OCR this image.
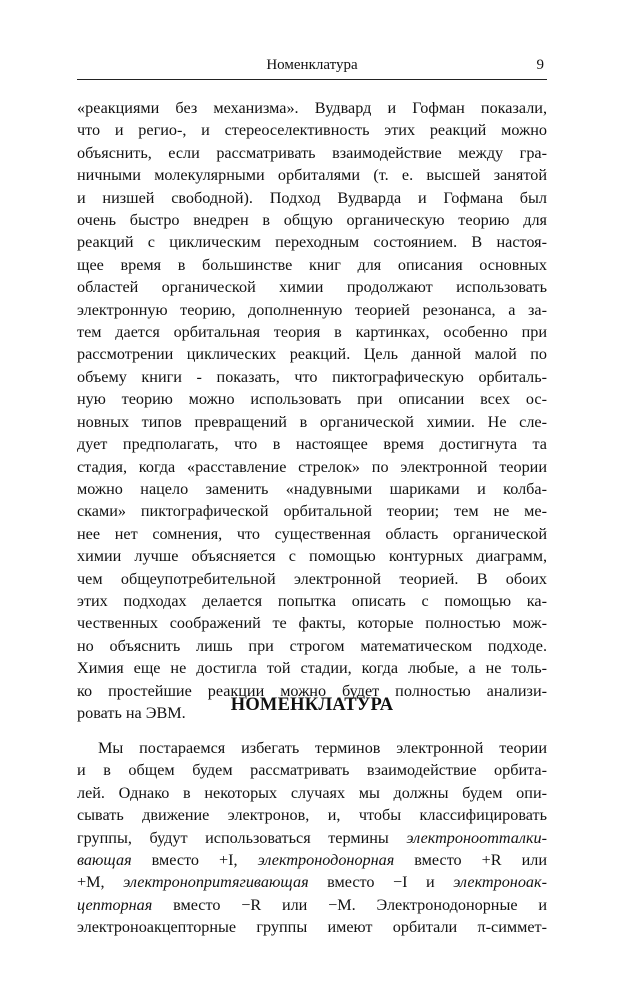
Номенклатура	9
«реакциями без механизма». Вудвард и Гофман показали,
что и регио-, и стереоселективность этих реакций можно
объяснить, если рассматривать взаимодействие между гра-
ничными молекулярными орбиталями (т. е. высшей занятой
и низшей свободной). Подход Вудварда и Гофмана был
очень быстро внедрен в общую органическую теорию для
реакций с циклическим переходным состоянием. В настоя-
щее время в большинстве книг для описания основных
областей органической химии продолжают использовать
электронную теорию, дополненную теорией резонанса, а за-
тем дается орбитальная теория в картинках, особенно при
рассмотрении циклических реакций. Цель данной малой по
объему книги - показать, что пиктографическую орбиталь-
ную теорию можно использовать при описании всех ос-
новных типов превращений в органической химии. Не сле-
дует предполагать, что в настоящее время достигнута та
стадия, когда «расставление стрелок» по электронной теории
можно нацело заменить «надувными шариками и колба-
сками» пиктографической орбитальной теории; тем не ме-
нее нет сомнения, что существенная область органической
химии лучше объясняется с помощью контурных диаграмм,
чем общеупотребительной электронной теорией. В обоих
этих подходах делается попытка описать с помощью ка-
чественных соображений те факты, которые полностью мож-
но объяснить лишь при строгом математическом подходе.
Химия еще не достигла той стадии, когда любые, а не толь-
ко простейшие реакции можно будет полностью анализи-
ровать на ЭВМ.	НОМЕНКЛАТУРА
Мы постараемся избегать терминов электронной теории
и в общем будем рассматривать взаимодействие орбита-
лей. Однако в некоторых случаях мы должны будем опи-
сывать движение электронов, и, чтобы классифицировать
группы, будут использоваться термины электроноотталки-
вающая вместо +I, электронодонорная вместо +R или
+M, электронопритягивающая вместо −I и электроноак-
цепторная вместо −R или −M. Электронодонорные и
электроноакцепторные группы имеют орбитали π-симмет-
